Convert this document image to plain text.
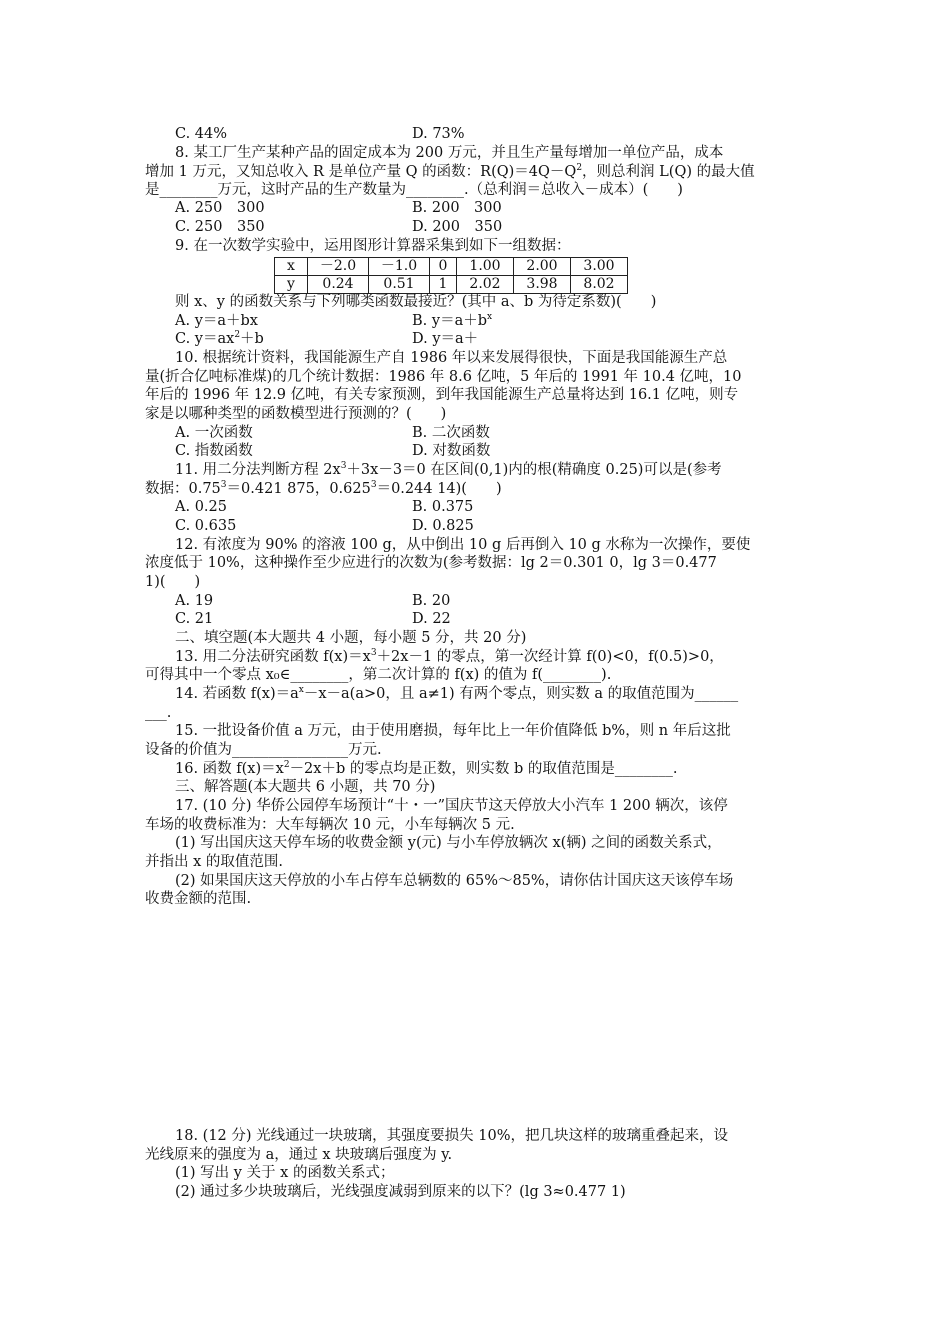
C. 44%	D. 73%
8. 某工厂生产某种产品的固定成本为 200 万元，并且生产量每增加一单位产品，成本
增加 1 万元，又知总收入 R 是单位产量 Q 的函数：$R(Q)=4Q-Q^2$，则总利润 L(Q) 的最大值
是________万元，这时产品的生产数量为________.（总利润＝总收入－成本）(　　)
A. 250　300	B. 200　300
C. 250　350	D. 200　350
9. 在一次数学实验中，运用图形计算器采集到如下一组数据：
x	－2.0	－1.0	0	1.00	2.00	3.00
y	0.24	0.51	1	2.02	3.98	8.02
则 x、y 的函数关系与下列哪类函数最接近？(其中 a、b 为待定系数)(　　)
A. y＝a＋bx	B. $y=a+b^x$
C. $y=ax^2+b$	D. y＝a＋
10. 根据统计资料，我国能源生产自 1986 年以来发展得很快，下面是我国能源生产总
量(折合亿吨标准煤)的几个统计数据：1986 年 8.6 亿吨，5 年后的 1991 年 10.4 亿吨，10
年后的 1996 年 12.9 亿吨，有关专家预测，到年我国能源生产总量将达到 16.1 亿吨，则专
家是以哪种类型的函数模型进行预测的？(　　)
A. 一次函数	B. 二次函数
C. 指数函数	D. 对数函数
11. 用二分法判断方程 $2x^3+3x-3=0$ 在区间(0,1)内的根(精确度 0.25)可以是(参考
数据：$0.75^3=0.421$ 875，$0.625^3=0.244$ 14)(　　)
A. 0.25	B. 0.375
C. 0.635	D. 0.825
12. 有浓度为 90% 的溶液 100 g，从中倒出 10 g 后再倒入 10 g 水称为一次操作，要使
浓度低于 10%，这种操作至少应进行的次数为(参考数据：lg 2＝0.301 0，lg 3＝0.477
1)(　　)
A. 19	B. 20
C. 21	D. 22
二、填空题(本大题共 4 小题，每小题 5 分，共 20 分)
13. 用二分法研究函数 $f(x)=x^3+2x-1$ 的零点，第一次经计算 f(0)<0，f(0.5)>0，
可得其中一个零点 x₀∈________，第二次计算的 f(x) 的值为 f(________).
14. 若函数 $f(x)=a^x-x-a(a>0$，且 a≠1) 有两个零点，则实数 a 的取值范围为______
___.
15. 一批设备价值 a 万元，由于使用磨损，每年比上一年价值降低 b%，则 n 年后这批
设备的价值为________________万元.
16. 函数 $f(x)=x^2-2x+b$ 的零点均是正数，则实数 b 的取值范围是________.
三、解答题(本大题共 6 小题，共 70 分)
17. (10 分) 华侨公园停车场预计“十・一”国庆节这天停放大小汽车 1 200 辆次，该停
车场的收费标准为：大车每辆次 10 元，小车每辆次 5 元.
(1) 写出国庆这天停车场的收费金额 y(元) 与小车停放辆次 x(辆) 之间的函数关系式，
并指出 x 的取值范围.
(2) 如果国庆这天停放的小车占停车总辆数的 65%～85%，请你估计国庆这天该停车场
收费金额的范围.
18. (12 分) 光线通过一块玻璃，其强度要损失 10%，把几块这样的玻璃重叠起来，设
光线原来的强度为 a，通过 x 块玻璃后强度为 y.
(1) 写出 y 关于 x 的函数关系式；
(2) 通过多少块玻璃后，光线强度减弱到原来的以下？(lg 3≈0.477 1)
